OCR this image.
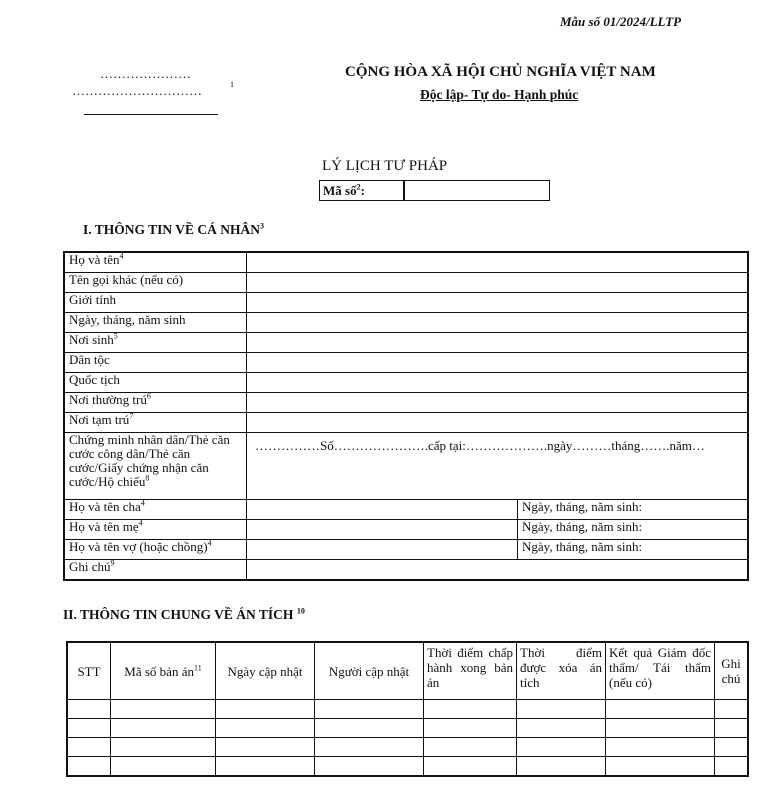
Mẫu số 01/2024/LLTP
…………………
…………………………	1
CỘNG HÒA XÃ HỘI CHỦ NGHĨA VIỆT NAM
Độc lập- Tự do- Hạnh phúc
LÝ LỊCH TƯ PHÁP
Mã số$^2$:
I. THÔNG TIN VỀ CÁ NHÂN$^3$
Họ và tên$^4$	
Tên gọi khác (nếu có)		
Giới tính		
Ngày, tháng, năm sinh		
Nơi $\sinh^5$	
Dân tộc		
Quốc tịch		
Nơi thường trú$^6$	
Nơi tạm trú$^7$	
Chứng minh nhân dân/Thẻ căn cước công dân/Thẻ căn cước/Giấy chứng nhận căn cước/Hộ chiếu$^8$	……………Số………………….cấp tại:……………….ngày………tháng…….năm…	
Họ và tên cha$^4$		Ngày, tháng, năm sinh:
Họ và tên mẹ$^4$		Ngày, tháng, năm sinh:
Họ và tên vợ (hoặc chồng)$^4$		Ngày, tháng, năm sinh:
Ghi chú$^9$	
II. THÔNG TIN CHUNG VỀ ÁN TÍCH $^{10}$
STT	Mã số bản $án^{11}$	Ngày cập nhật	Người cập nhật	Thời điểm chấp hành xong bản án	Thời điểm được xóa án tích	Kết quả Giám đốc thẩm/ Tái thẩm (nếu có)	Ghi chú
